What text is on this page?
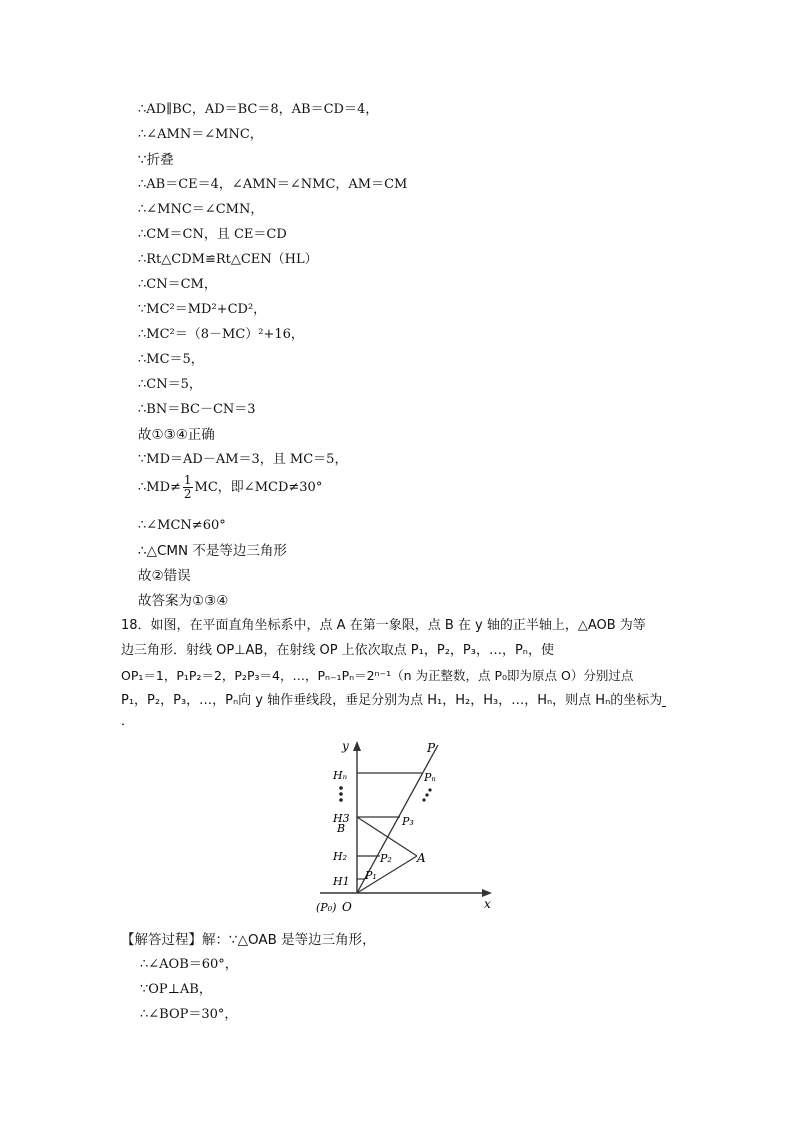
∴AD∥BC，AD＝BC＝8，AB＝CD＝4，
∴∠AMN＝∠MNC，
∵折叠
∴AB＝CE＝4，∠AMN＝∠NMC，AM＝CM
∴∠MNC＝∠CMN，
∴CM＝CN，且 CE＝CD
∴Rt△CDM≌Rt△CEN（HL）
∴CN＝CM，
∵MC²＝MD²+CD²，
∴MC²＝（8－MC）²+16，
∴MC＝5，
∴CN＝5，
∴BN＝BC－CN＝3
故①③④正确
∵MD＝AD－AM＝3，且 MC＝5，
∴MD≠ $\frac{1}{2}$ MC，即∠MCD≠30°
∴∠MCN≠60°
∴△CMN 不是等边三角形
故②错误
故答案为①③④
18．如图，在平面直角坐标系中，点 A 在第一象限，点 B 在 y 轴的正半轴上，△AOB 为等
边三角形．射线 OP⊥AB，在射线 OP 上依次取点 P₁，P₂，P₃，…，Pₙ，使
OP₁＝1，P₁P₂＝2，P₂P₃＝4，…，Pₙ₋₁Pₙ＝2ⁿ⁻¹（n 为正整数，点 P₀即为原点 O）分别过点
P₁，P₂，P₃，…，Pₙ向 y 轴作垂线段，垂足分别为点 H₁，H₂，H₃，…，Hₙ，则点 Hₙ的坐标为
．
y
x
P
Pₙ
P₃
P₂
P₁
A
B
Hₙ
H3
H₂
H1
(P₀) O
【解答过程】解：∵△OAB 是等边三角形，
∴∠AOB＝60°，
∵OP⊥AB，
∴∠BOP＝30°，
